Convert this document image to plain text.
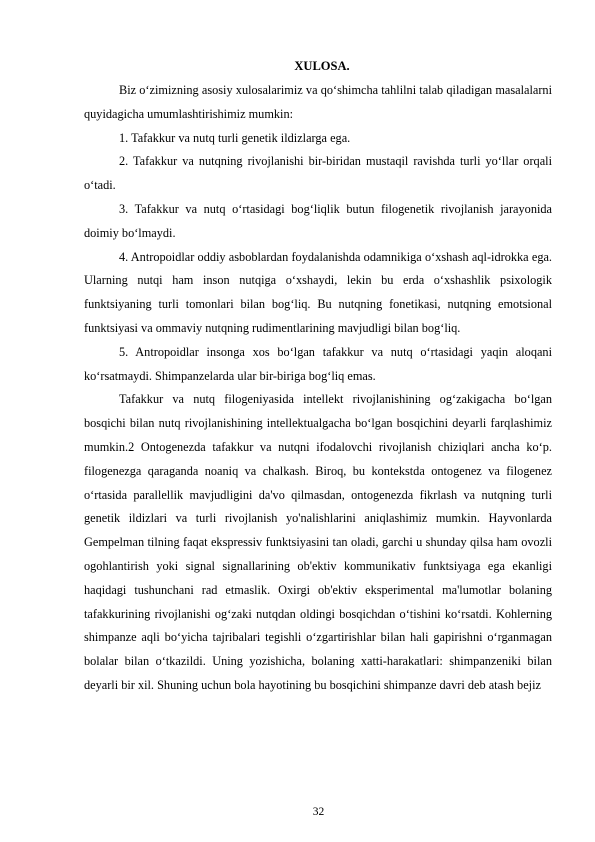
XULOSA.

Biz o‘zimizning asosiy xulosalarimiz va qo‘shimcha tahlilni talab qiladigan masalalarni quyidagicha umumlashtirishimiz mumkin:

1. Tafakkur va nutq turli genetik ildizlarga ega.

2. Tafakkur va nutqning rivojlanishi bir-biridan mustaqil ravishda turli yo‘llar orqali o‘tadi.

3. Tafakkur va nutq o‘rtasidagi bog‘liqlik butun filogenetik rivojlanish jarayonida doimiy bo‘lmaydi.

4. Antropoidlar oddiy asboblardan foydalanishda odamnikiga o‘xshash aql-idrokka ega. Ularning nutqi ham inson nutqiga o‘xshaydi, lekin bu erda o‘xshashlik psixologik funktsiyaning turli tomonlari bilan bog‘liq. Bu nutqning fonetikasi, nutqning emotsional funktsiyasi va ommaviy nutqning rudimentlarining mavjudligi bilan bog‘liq.

5. Antropoidlar insonga xos bo‘lgan tafakkur va nutq o‘rtasidagi yaqin aloqani ko‘rsatmaydi. Shimpanzelarda ular bir-biriga bog‘liq emas.

Tafakkur va nutq filogeniyasida intellekt rivojlanishining og‘zakigacha bo‘lgan bosqichi bilan nutq rivojlanishining intellektualgacha bo‘lgan bosqichini deyarli farqlashimiz mumkin.2 Ontogenezda tafakkur va nutqni ifodalovchi rivojlanish chiziqlari ancha ko‘p. filogenezga qaraganda noaniq va chalkash. Biroq, bu kontekstda ontogenez va filogenez o‘rtasida parallellik mavjudligini da'vo qilmasdan, ontogenezda fikrlash va nutqning turli genetik ildizlari va turli rivojlanish yo'nalishlarini aniqlashimiz mumkin. Hayvonlarda Gempelman tilning faqat ekspressiv funktsiyasini tan oladi, garchi u shunday qilsa ham ovozli ogohlantirish yoki signal signallarining ob'ektiv kommunikativ funktsiyaga ega ekanligi haqidagi tushunchani rad etmaslik. Oxirgi ob'ektiv eksperimental ma'lumotlar bolaning tafakkurining rivojlanishi og‘zaki nutqdan oldingi bosqichdan o‘tishini ko‘rsatdi. Kohlerning shimpanze aqli bo‘yicha tajribalari tegishli o‘zgartirishlar bilan hali gapirishni o‘rganmagan bolalar bilan o‘tkazildi. Uning yozishicha, bolaning xatti-harakatlari: shimpanzeniki bilan deyarli bir xil. Shuning uchun bola hayotining bu bosqichini shimpanze davri deb atash bejiz

32
